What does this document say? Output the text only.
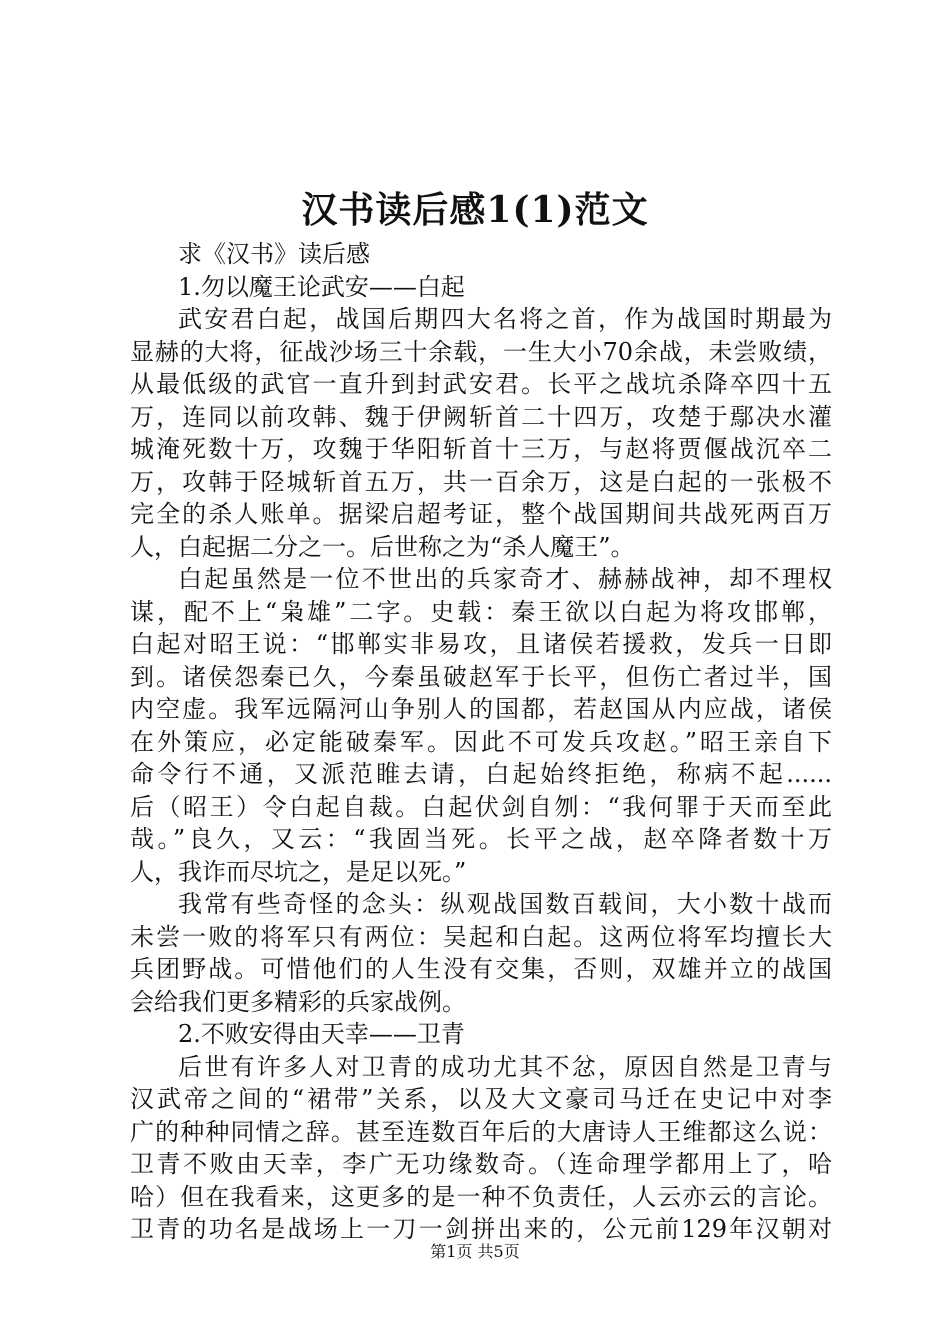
汉书读后感1(1)范文
求《汉书》读后感
1.勿以魔王论武安——白起
武安君白起，战国后期四大名将之首，作为战国时期最为
显赫的大将，征战沙场三十余载，一生大小70余战，未尝败绩，
从最低级的武官一直升到封武安君。长平之战坑杀降卒四十五
万，连同以前攻韩、魏于伊阙斩首二十四万，攻楚于鄢决水灌
城淹死数十万，攻魏于华阳斩首十三万，与赵将贾偃战沉卒二
万，攻韩于陉城斩首五万，共一百余万，这是白起的一张极不
完全的杀人账单。据梁启超考证，整个战国期间共战死两百万
人，白起据二分之一。后世称之为“杀人魔王”。
白起虽然是一位不世出的兵家奇才、赫赫战神，却不理权
谋，配不上“枭雄”二字。史载：秦王欲以白起为将攻邯郸，
白起对昭王说：“邯郸实非易攻，且诸侯若援救，发兵一日即
到。诸侯怨秦已久，今秦虽破赵军于长平，但伤亡者过半，国
内空虚。我军远隔河山争别人的国都，若赵国从内应战，诸侯
在外策应，必定能破秦军。因此不可发兵攻赵。”昭王亲自下
命令行不通，又派范睢去请，白起始终拒绝，称病不起......
后（昭王）令白起自裁。白起伏剑自刎：“我何罪于天而至此
哉。”良久，又云：“我固当死。长平之战，赵卒降者数十万
人，我诈而尽坑之，是足以死。”
我常有些奇怪的念头：纵观战国数百载间，大小数十战而
未尝一败的将军只有两位：吴起和白起。这两位将军均擅长大
兵团野战。可惜他们的人生没有交集，否则，双雄并立的战国
会给我们更多精彩的兵家战例。
2.不败安得由天幸——卫青
后世有许多人对卫青的成功尤其不忿，原因自然是卫青与
汉武帝之间的“裙带”关系，以及大文豪司马迁在史记中对李
广的种种同情之辞。甚至连数百年后的大唐诗人王维都这么说：
卫青不败由天幸，李广无功缘数奇。（连命理学都用上了，哈
哈）但在我看来，这更多的是一种不负责任，人云亦云的言论。
卫青的功名是战场上一刀一剑拼出来的，公元前129年汉朝对
第1页 共5页
